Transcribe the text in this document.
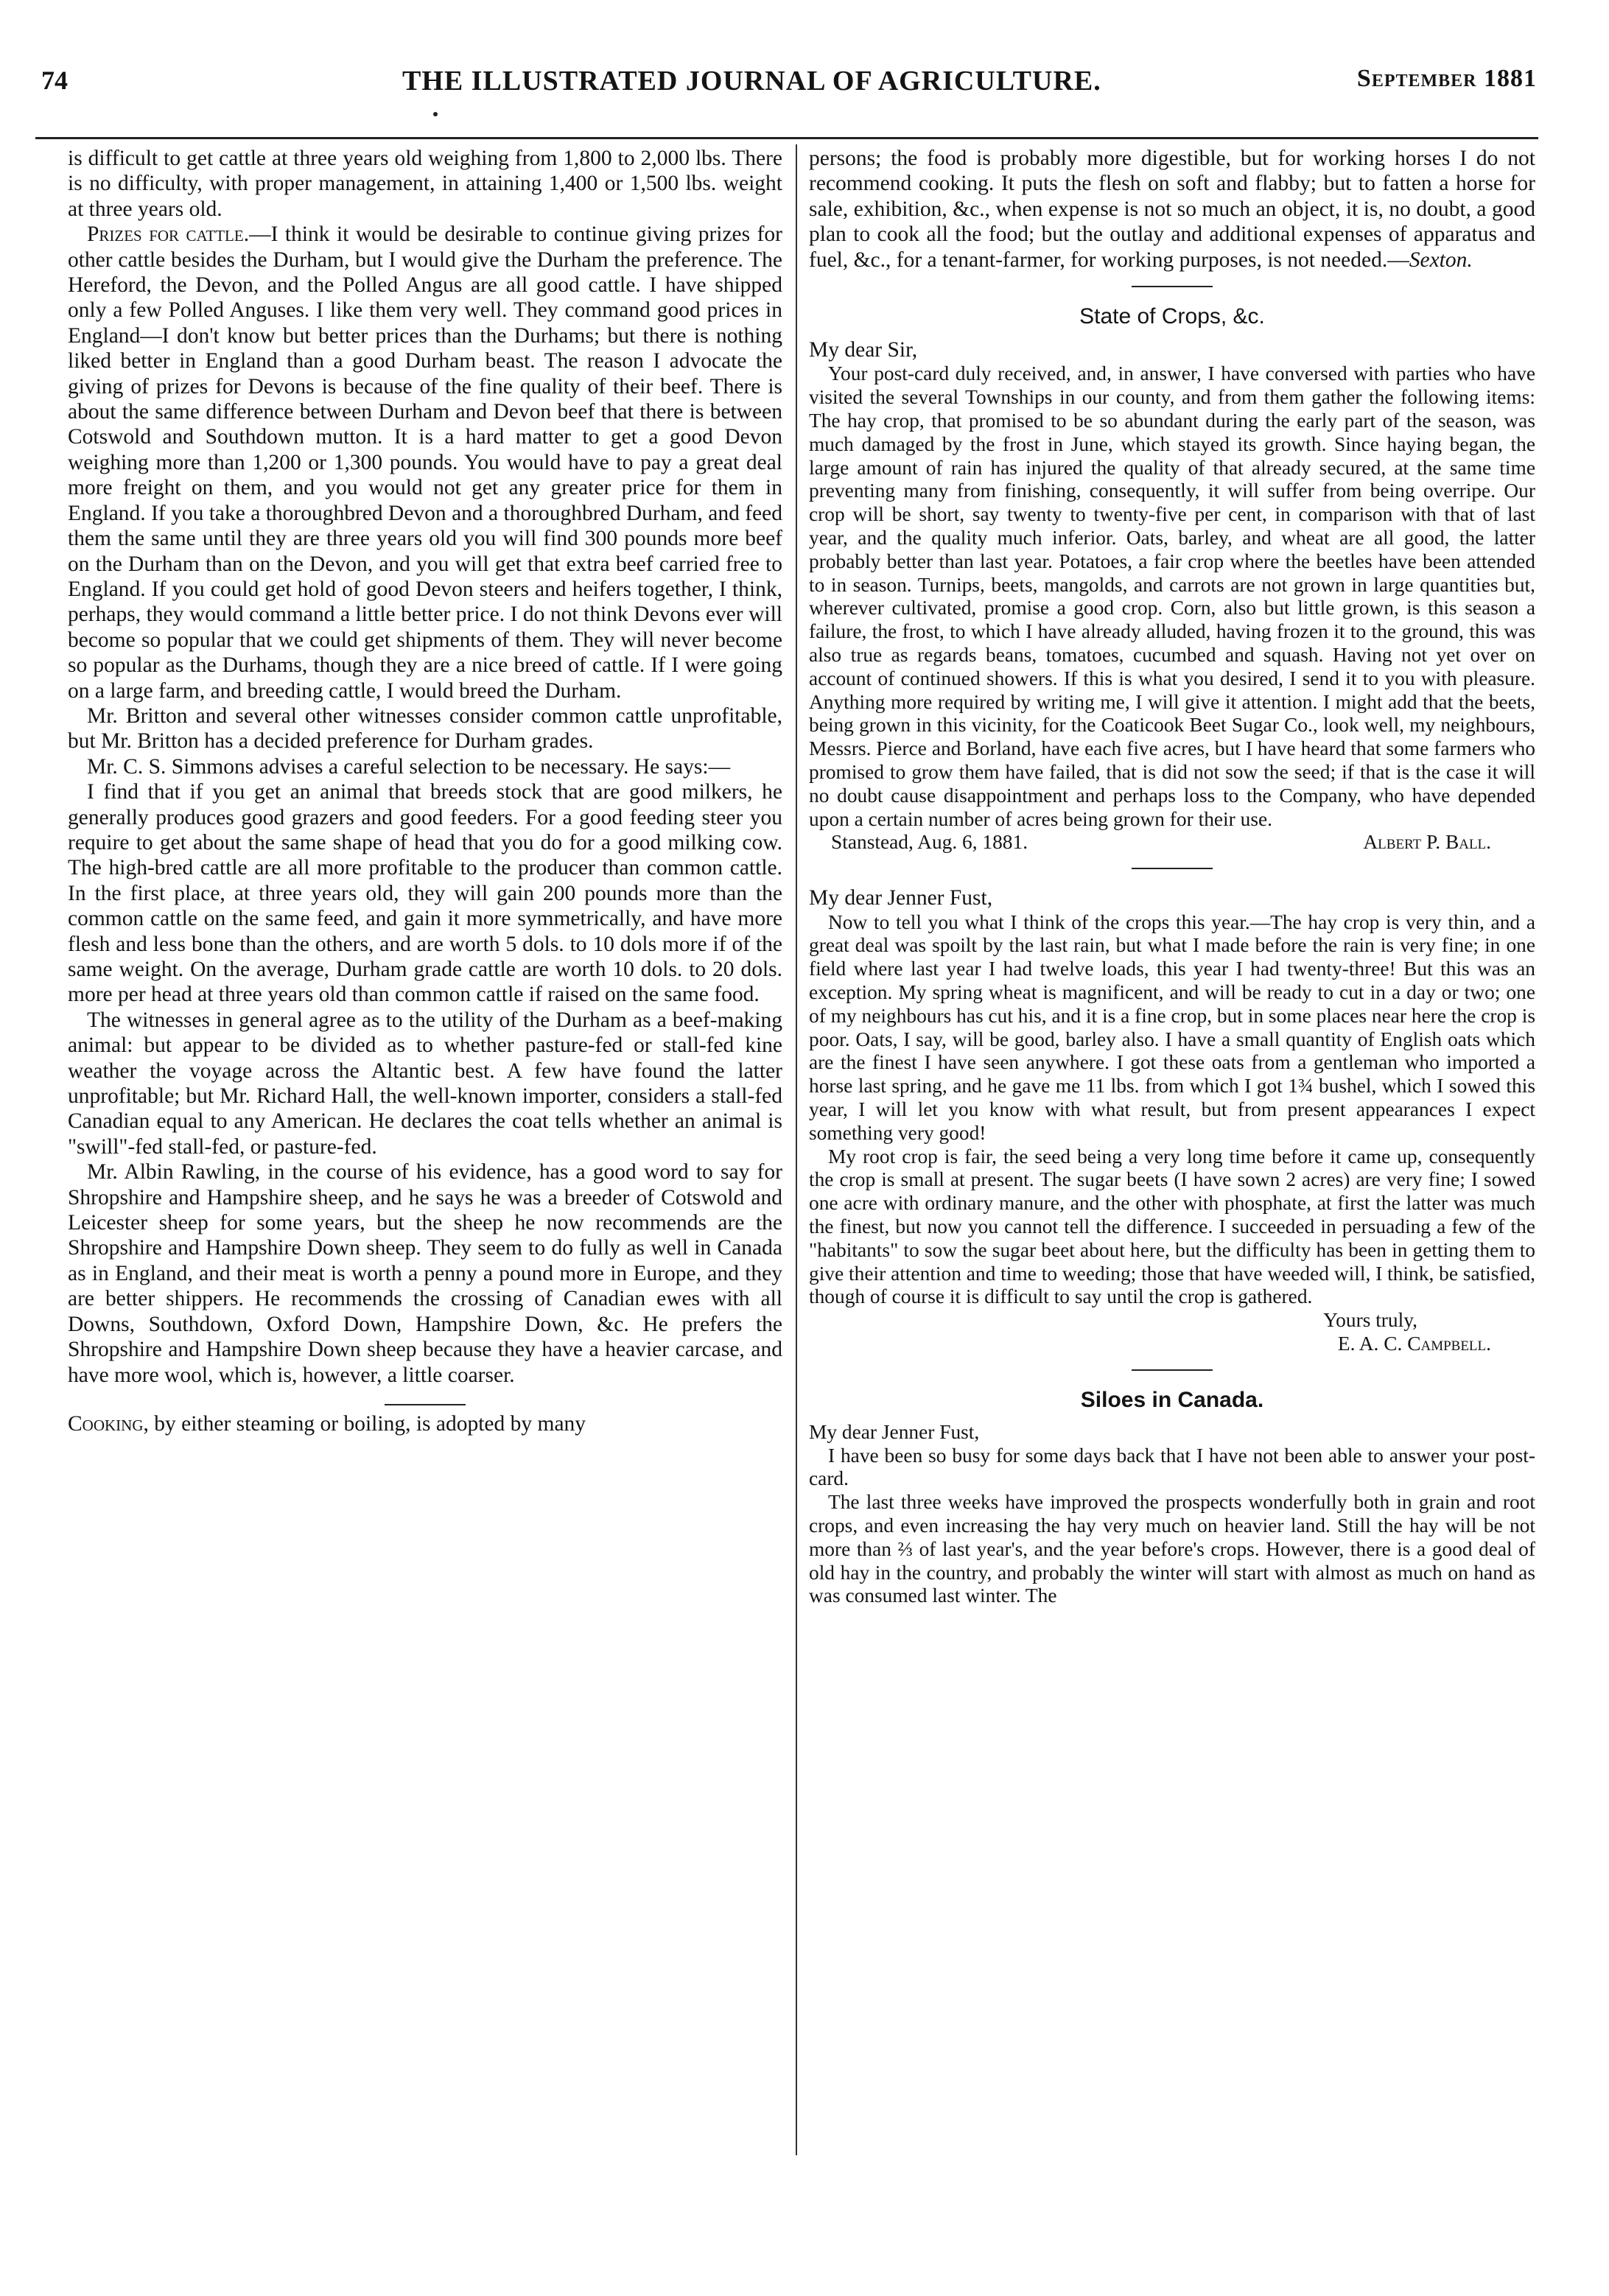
74	THE ILLUSTRATED JOURNAL OF AGRICULTURE.	September 1881

is difficult to get cattle at three years old weighing from 1,800 to 2,000 lbs. There is no difficulty, with proper management, in attaining 1,400 or 1,500 lbs. weight at three years old.

Prizes for cattle.—I think it would be desirable to continue giving prizes for other cattle besides the Durham, but I would give the Durham the preference. The Hereford, the Devon, and the Polled Angus are all good cattle. I have shipped only a few Polled Anguses. I like them very well. They command good prices in England—I don't know but better prices than the Durhams; but there is nothing liked better in England than a good Durham beast. The reason I advocate the giving of prizes for Devons is because of the fine quality of their beef. There is about the same difference between Durham and Devon beef that there is between Cotswold and Southdown mutton. It is a hard matter to get a good Devon weighing more than 1,200 or 1,300 pounds. You would have to pay a great deal more freight on them, and you would not get any greater price for them in England. If you take a thoroughbred Devon and a thoroughbred Durham, and feed them the same until they are three years old you will find 300 pounds more beef on the Durham than on the Devon, and you will get that extra beef carried free to England. If you could get hold of good Devon steers and heifers together, I think, perhaps, they would command a little better price. I do not think Devons ever will become so popular that we could get shipments of them. They will never become so popular as the Durhams, though they are a nice breed of cattle. If I were going on a large farm, and breeding cattle, I would breed the Durham.

Mr. Britton and several other witnesses consider common cattle unprofitable, but Mr. Britton has a decided preference for Durham grades.

Mr. C. S. Simmons advises a careful selection to be necessary. He says:—

I find that if you get an animal that breeds stock that are good milkers, he generally produces good grazers and good feeders. For a good feeding steer you require to get about the same shape of head that you do for a good milking cow. The high-bred cattle are all more profitable to the producer than common cattle. In the first place, at three years old, they will gain 200 pounds more than the common cattle on the same feed, and gain it more symmetrically, and have more flesh and less bone than the others, and are worth 5 dols. to 10 dols more if of the same weight. On the average, Durham grade cattle are worth 10 dols. to 20 dols. more per head at three years old than common cattle if raised on the same food.

The witnesses in general agree as to the utility of the Durham as a beef-making animal: but appear to be divided as to whether pasture-fed or stall-fed kine weather the voyage across the Altantic best. A few have found the latter unprofitable; but Mr. Richard Hall, the well-known importer, considers a stall-fed Canadian equal to any American. He declares the coat tells whether an animal is "swill"-fed stall-fed, or pasture-fed.

Mr. Albin Rawling, in the course of his evidence, has a good word to say for Shropshire and Hampshire sheep, and he says he was a breeder of Cotswold and Leicester sheep for some years, but the sheep he now recommends are the Shropshire and Hampshire Down sheep. They seem to do fully as well in Canada as in England, and their meat is worth a penny a pound more in Europe, and they are better shippers. He recommends the crossing of Canadian ewes with all Downs, Southdown, Oxford Down, Hampshire Down, &c. He prefers the Shropshire and Hampshire Down sheep because they have a heavier carcase, and have more wool, which is, however, a little coarser.

Cooking, by either steaming or boiling, is adopted by many

persons; the food is probably more digestible, but for working horses I do not recommend cooking. It puts the flesh on soft and flabby; but to fatten a horse for sale, exhibition, &c., when expense is not so much an object, it is, no doubt, a good plan to cook all the food; but the outlay and additional expenses of apparatus and fuel, &c., for a tenant-farmer, for working purposes, is not needed.—Sexton.

State of Crops, &c.

My dear Sir,

Your post-card duly received, and, in answer, I have conversed with parties who have visited the several Townships in our county, and from them gather the following items: The hay crop, that promised to be so abundant during the early part of the season, was much damaged by the frost in June, which stayed its growth. Since haying began, the large amount of rain has injured the quality of that already secured, at the same time preventing many from finishing, consequently, it will suffer from being overripe. Our crop will be short, say twenty to twenty-five per cent, in comparison with that of last year, and the quality much inferior. Oats, barley, and wheat are all good, the latter probably better than last year. Potatoes, a fair crop where the beetles have been attended to in season. Turnips, beets, mangolds, and carrots are not grown in large quantities but, wherever cultivated, promise a good crop. Corn, also but little grown, is this season a failure, the frost, to which I have already alluded, having frozen it to the ground, this was also true as regards beans, tomatoes, cucumbed and squash. Having not yet over on account of continued showers. If this is what you desired, I send it to you with pleasure. Anything more required by writing me, I will give it attention. I might add that the beets, being grown in this vicinity, for the Coaticook Beet Sugar Co., look well, my neighbours, Messrs. Pierce and Borland, have each five acres, but I have heard that some farmers who promised to grow them have failed, that is did not sow the seed; if that is the case it will no doubt cause disappointment and perhaps loss to the Company, who have depended upon a certain number of acres being grown for their use.

Stanstead, Aug. 6, 1881.	Albert P. Ball.

My dear Jenner Fust,

Now to tell you what I think of the crops this year.—The hay crop is very thin, and a great deal was spoilt by the last rain, but what I made before the rain is very fine; in one field where last year I had twelve loads, this year I had twenty-three! But this was an exception. My spring wheat is magnificent, and will be ready to cut in a day or two; one of my neighbours has cut his, and it is a fine crop, but in some places near here the crop is poor. Oats, I say, will be good, barley also. I have a small quantity of English oats which are the finest I have seen anywhere. I got these oats from a gentleman who imported a horse last spring, and he gave me 11 lbs. from which I got 1¾ bushel, which I sowed this year, I will let you know with what result, but from present appearances I expect something very good!

My root crop is fair, the seed being a very long time before it came up, consequently the crop is small at present. The sugar beets (I have sown 2 acres) are very fine; I sowed one acre with ordinary manure, and the other with phosphate, at first the latter was much the finest, but now you cannot tell the difference. I succeeded in persuading a few of the "habitants" to sow the sugar beet about here, but the difficulty has been in getting them to give their attention and time to weeding; those that have weeded will, I think, be satisfied, though of course it is difficult to say until the crop is gathered.

Yours truly,
E. A. C. Campbell.
Siloes in Canada.

My dear Jenner Fust,

I have been so busy for some days back that I have not been able to answer your post-card.

The last three weeks have improved the prospects wonderfully both in grain and root crops, and even increasing the hay very much on heavier land. Still the hay will be not more than ⅔ of last year's, and the year before's crops. However, there is a good deal of old hay in the country, and probably the winter will start with almost as much on hand as was consumed last winter. The
